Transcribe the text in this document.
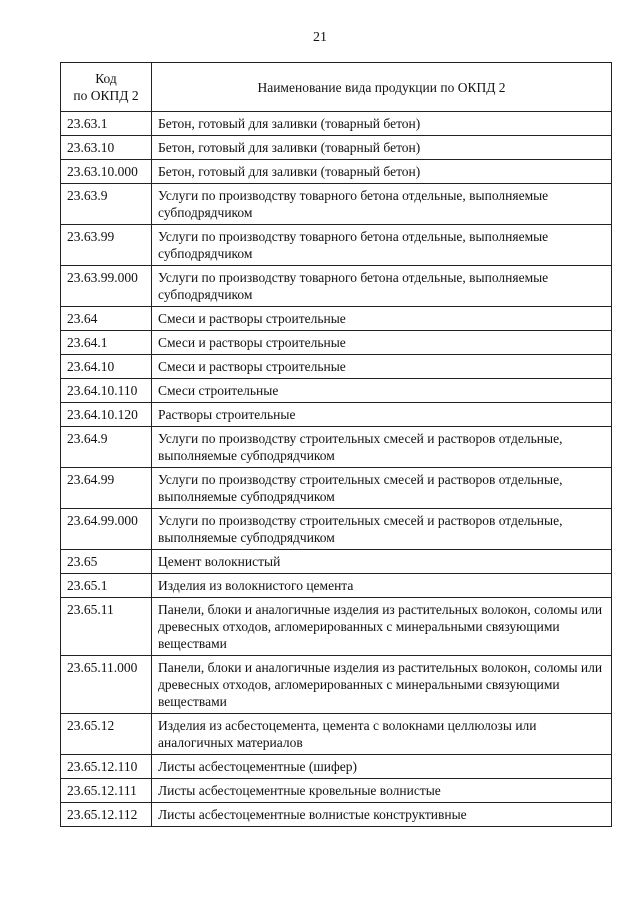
21
Код
по ОКПД 2	Наименование вида продукции по ОКПД 2
23.63.1	Бетон, готовый для заливки (товарный бетон)
23.63.10	Бетон, готовый для заливки (товарный бетон)
23.63.10.000	Бетон, готовый для заливки (товарный бетон)
23.63.9	Услуги по производству товарного бетона отдельные, выполняемые субподрядчиком
23.63.99	Услуги по производству товарного бетона отдельные, выполняемые субподрядчиком
23.63.99.000	Услуги по производству товарного бетона отдельные, выполняемые субподрядчиком
23.64	Смеси и растворы строительные
23.64.1	Смеси и растворы строительные
23.64.10	Смеси и растворы строительные
23.64.10.110	Смеси строительные
23.64.10.120	Растворы строительные
23.64.9	Услуги по производству строительных смесей и растворов отдельные, выполняемые субподрядчиком
23.64.99	Услуги по производству строительных смесей и растворов отдельные, выполняемые субподрядчиком
23.64.99.000	Услуги по производству строительных смесей и растворов отдельные, выполняемые субподрядчиком
23.65	Цемент волокнистый
23.65.1	Изделия из волокнистого цемента
23.65.11	Панели, блоки и аналогичные изделия из растительных волокон, соломы или древесных отходов, агломерированных с минеральными связующими веществами
23.65.11.000	Панели, блоки и аналогичные изделия из растительных волокон, соломы или древесных отходов, агломерированных с минеральными связующими веществами
23.65.12	Изделия из асбестоцемента, цемента с волокнами целлюлозы или аналогичных материалов
23.65.12.110	Листы асбестоцементные (шифер)
23.65.12.111	Листы асбестоцементные кровельные волнистые
23.65.12.112	Листы асбестоцементные волнистые конструктивные
